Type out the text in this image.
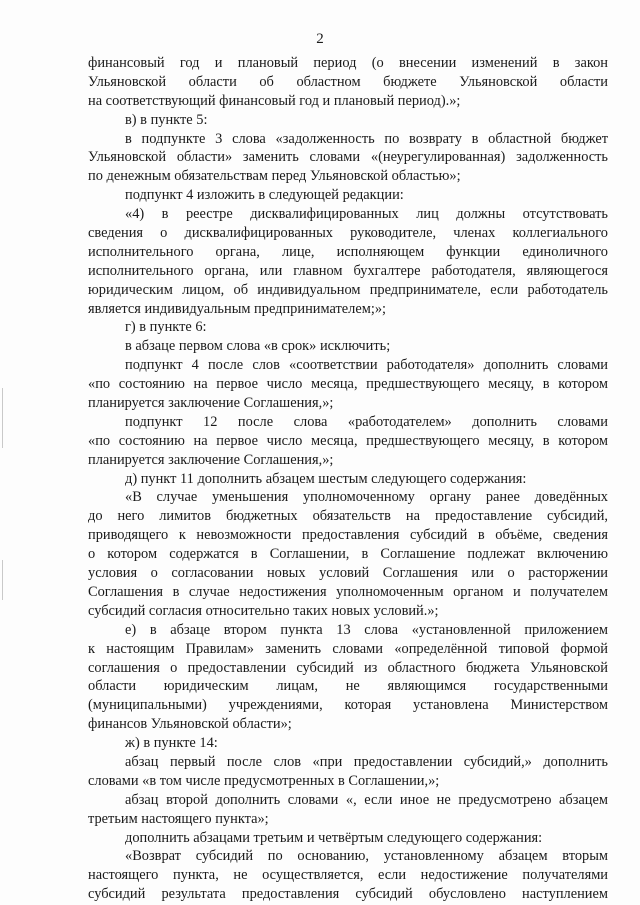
2
финансовый год и плановый период (о внесении изменений в закон
Ульяновской области об областном бюджете Ульяновской области
на соответствующий финансовый год и плановый период).»;
в) в пункте 5:
в подпункте 3 слова «задолженность по возврату в областной бюджет
Ульяновской области» заменить словами «(неурегулированная) задолженность
по денежным обязательствам перед Ульяновской областью»;
подпункт 4 изложить в следующей редакции:
«4) в реестре дисквалифицированных лиц должны отсутствовать
сведения о дисквалифицированных руководителе, членах коллегиального
исполнительного органа, лице, исполняющем функции единоличного
исполнительного органа, или главном бухгалтере работодателя, являющегося
юридическим лицом, об индивидуальном предпринимателе, если работодатель
является индивидуальным предпринимателем;»;
г) в пункте 6:
в абзаце первом слова «в срок» исключить;
подпункт 4 после слов «соответствии работодателя» дополнить словами
«по состоянию на первое число месяца, предшествующего месяцу, в котором
планируется заключение Соглашения,»;
подпункт 12 после слова «работодателем» дополнить словами
«по состоянию на первое число месяца, предшествующего месяцу, в котором
планируется заключение Соглашения,»;
д) пункт 11 дополнить абзацем шестым следующего содержания:
«В случае уменьшения уполномоченному органу ранее доведённых
до него лимитов бюджетных обязательств на предоставление субсидий,
приводящего к невозможности предоставления субсидий в объёме, сведения
о котором содержатся в Соглашении, в Соглашение подлежат включению
условия о согласовании новых условий Соглашения или о расторжении
Соглашения в случае недостижения уполномоченным органом и получателем
субсидий согласия относительно таких новых условий.»;
е) в абзаце втором пункта 13 слова «установленной приложением
к настоящим Правилам» заменить словами «определённой типовой формой
соглашения о предоставлении субсидий из областного бюджета Ульяновской
области юридическим лицам, не являющимся государственными
(муниципальными) учреждениями, которая установлена Министерством
финансов Ульяновской области»;
ж) в пункте 14:
абзац первый после слов «при предоставлении субсидий,» дополнить
словами «в том числе предусмотренных в Соглашении,»;
абзац второй дополнить словами «, если иное не предусмотрено абзацем
третьим настоящего пункта»;
дополнить абзацами третьим и четвёртым следующего содержания:
«Возврат субсидий по основанию, установленному абзацем вторым
настоящего пункта, не осуществляется, если недостижение получателями
субсидий результата предоставления субсидий обусловлено наступлением
